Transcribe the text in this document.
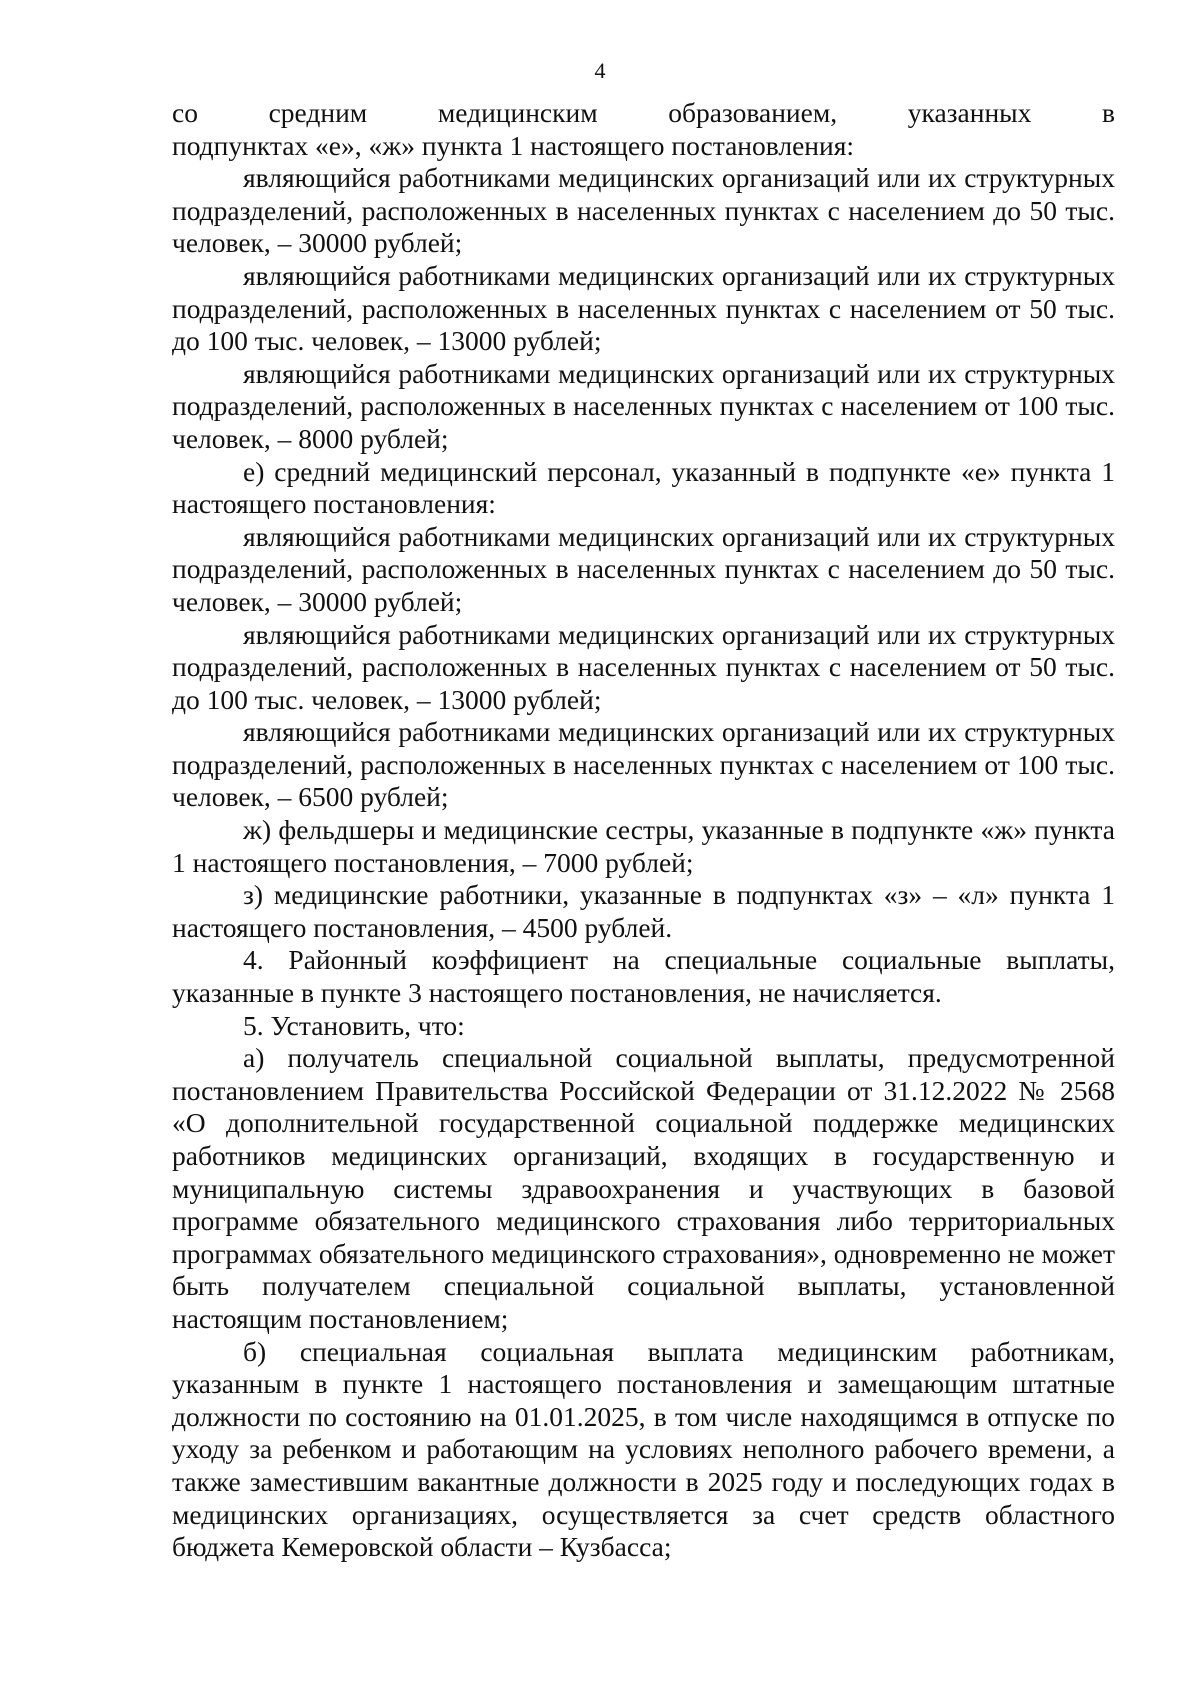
4

со средним медицинским образованием, указанных в

подпунктах «е», «ж» пункта 1 настоящего постановления:

являющийся работниками медицинских организаций или их структурных подразделений, расположенных в населенных пунктах с населением до 50 тыс. человек, – 30000 рублей;

являющийся работниками медицинских организаций или их структурных подразделений, расположенных в населенных пунктах с населением от 50 тыс. до 100 тыс. человек, – 13000 рублей;

являющийся работниками медицинских организаций или их структурных подразделений, расположенных в населенных пунктах с населением от 100 тыс. человек, – 8000 рублей;

е) средний медицинский персонал, указанный в подпункте «е» пункта 1 настоящего постановления:

являющийся работниками медицинских организаций или их структурных подразделений, расположенных в населенных пунктах с населением до 50 тыс. человек, – 30000 рублей;

являющийся работниками медицинских организаций или их структурных подразделений, расположенных в населенных пунктах с населением от 50 тыс. до 100 тыс. человек, – 13000 рублей;

являющийся работниками медицинских организаций или их структурных подразделений, расположенных в населенных пунктах с населением от 100 тыс. человек, – 6500 рублей;

ж) фельдшеры и медицинские сестры, указанные в подпункте «ж» пункта 1 настоящего постановления, – 7000 рублей;

з) медицинские работники, указанные в подпунктах «з» – «л» пункта 1 настоящего постановления, – 4500 рублей.

4. Районный коэффициент на специальные социальные выплаты, указанные в пункте 3 настоящего постановления, не начисляется.

5. Установить, что:

а) получатель специальной социальной выплаты, предусмотренной постановлением Правительства Российской Федерации от 31.12.2022 № 2568 «О дополнительной государственной социальной поддержке медицинских работников медицинских организаций, входящих в государственную и муниципальную системы здравоохранения и участвующих в базовой программе обязательного медицинского страхования либо территориальных программах обязательного медицинского страхования», одновременно не может быть получателем специальной социальной выплаты, установленной настоящим постановлением;

б) специальная социальная выплата медицинским работникам, указанным в пункте 1 настоящего постановления и замещающим штатные должности по состоянию на 01.01.2025, в том числе находящимся в отпуске по уходу за ребенком и работающим на условиях неполного рабочего времени, а также заместившим вакантные должности в 2025 году и последующих годах в медицинских организациях, осуществляется за счет средств областного бюджета Кемеровской области – Кузбасса;
